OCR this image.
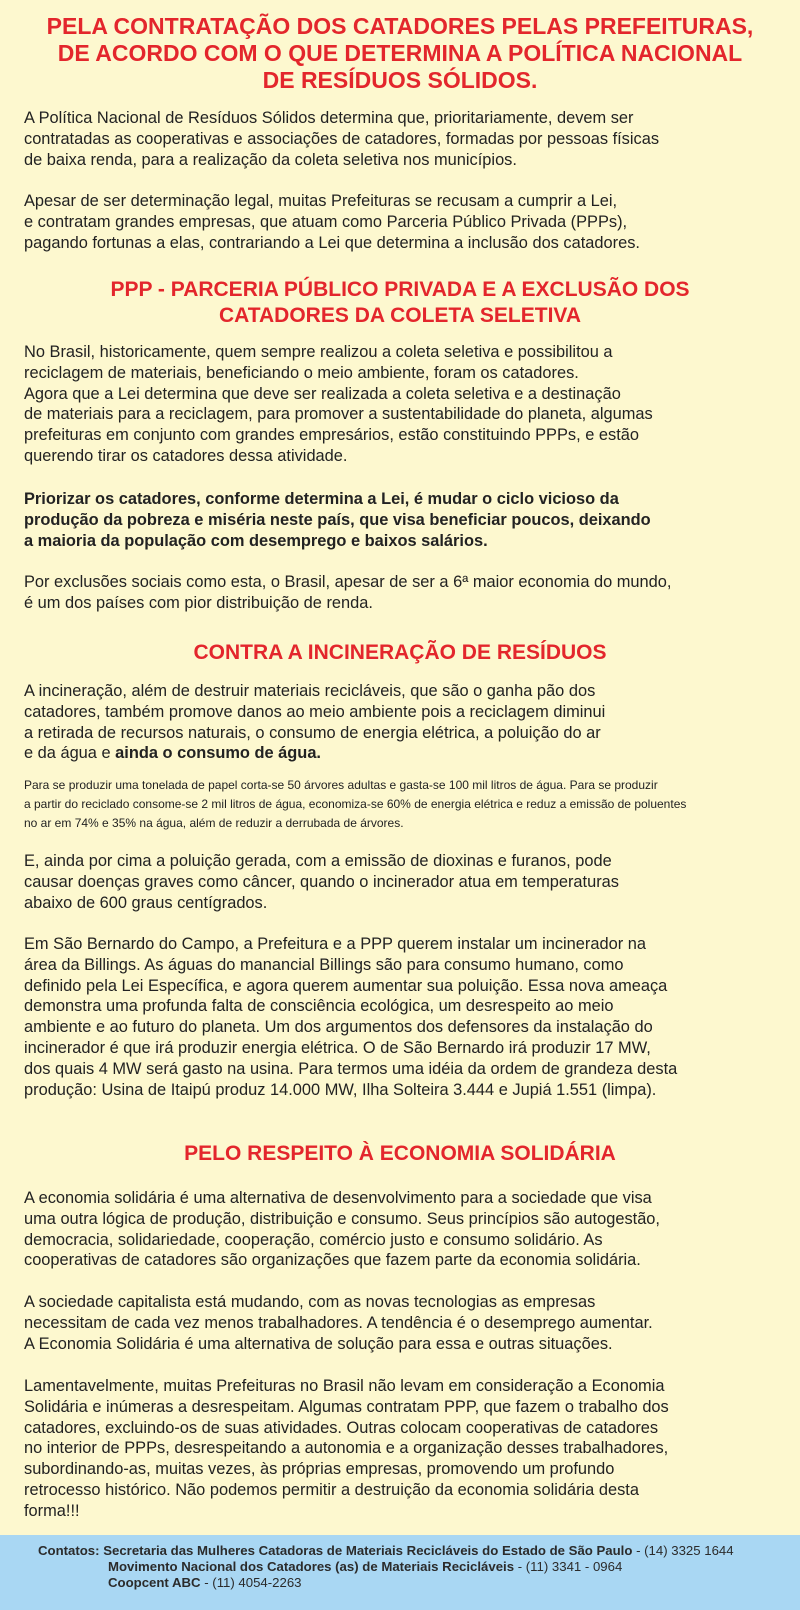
PELA CONTRATAÇÃO DOS CATADORES PELAS PREFEITURAS,
DE ACORDO COM O QUE DETERMINA A POLÍTICA NACIONAL
DE RESÍDUOS SÓLIDOS.

A Política Nacional de Resíduos Sólidos determina que, prioritariamente, devem ser
contratadas as cooperativas e associações de catadores, formadas por pessoas físicas
de baixa renda, para a realização da coleta seletiva nos municípios.

Apesar de ser determinação legal, muitas Prefeituras se recusam a cumprir a Lei,
e contratam grandes empresas, que atuam como Parceria Público Privada (PPPs),
pagando fortunas a elas, contrariando a Lei que determina a inclusão dos catadores.

PPP - PARCERIA PÚBLICO PRIVADA E A EXCLUSÃO DOS
CATADORES DA COLETA SELETIVA

No Brasil, historicamente, quem sempre realizou a coleta seletiva e possibilitou a
reciclagem de materiais, beneficiando o meio ambiente, foram os catadores.
Agora que a Lei determina que deve ser realizada a coleta seletiva e a destinação
de materiais para a reciclagem, para promover a sustentabilidade do planeta, algumas
prefeituras em conjunto com grandes empresários, estão constituindo PPPs, e estão
querendo tirar os catadores dessa atividade.

Priorizar os catadores, conforme determina a Lei, é mudar o ciclo vicioso da
produção da pobreza e miséria neste país, que visa beneficiar poucos, deixando
a maioria da população com desemprego e baixos salários.

Por exclusões sociais como esta, o Brasil, apesar de ser a 6ª maior economia do mundo,
é um dos países com pior distribuição de renda.

CONTRA A INCINERAÇÃO DE RESÍDUOS

A incineração, além de destruir materiais recicláveis, que são o ganha pão dos
catadores, também promove danos ao meio ambiente pois a reciclagem diminui
a retirada de recursos naturais, o consumo de energia elétrica, a poluição do ar
e da água e ainda o consumo de água.

Para se produzir uma tonelada de papel corta-se 50 árvores adultas e gasta-se 100 mil litros de água. Para se produzir
a partir do reciclado consome-se 2 mil litros de água, economiza-se 60% de energia elétrica e reduz a emissão de poluentes
no ar em 74% e 35% na água, além de reduzir a derrubada de árvores.

E, ainda por cima a poluição gerada, com a emissão de dioxinas e furanos, pode
causar doenças graves como câncer, quando o incinerador atua em temperaturas
abaixo de 600 graus centígrados.

Em São Bernardo do Campo, a Prefeitura e a PPP querem instalar um incinerador na
área da Billings. As águas do manancial Billings são para consumo humano, como
definido pela Lei Específica, e agora querem aumentar sua poluição. Essa nova ameaça
demonstra uma profunda falta de consciência ecológica, um desrespeito ao meio
ambiente e ao futuro do planeta. Um dos argumentos dos defensores da instalação do
incinerador é que irá produzir energia elétrica. O de São Bernardo irá produzir 17 MW,
dos quais 4 MW será gasto na usina. Para termos uma idéia da ordem de grandeza desta
produção: Usina de Itaipú produz 14.000 MW, Ilha Solteira 3.444 e Jupiá 1.551 (limpa).

PELO RESPEITO À ECONOMIA SOLIDÁRIA

A economia solidária é uma alternativa de desenvolvimento para a sociedade que visa
uma outra lógica de produção, distribuição e consumo. Seus princípios são autogestão,
democracia, solidariedade, cooperação, comércio justo e consumo solidário. As
cooperativas de catadores são organizações que fazem parte da economia solidária.

A sociedade capitalista está mudando, com as novas tecnologias as empresas
necessitam de cada vez menos trabalhadores. A tendência é o desemprego aumentar.
A Economia Solidária é uma alternativa de solução para essa e outras situações.

Lamentavelmente, muitas Prefeituras no Brasil não levam em consideração a Economia
Solidária e inúmeras a desrespeitam. Algumas contratam PPP, que fazem o trabalho dos
catadores, excluindo-os de suas atividades. Outras colocam cooperativas de catadores
no interior de PPPs, desrespeitando a autonomia e a organização desses trabalhadores,
subordinando-as, muitas vezes, às próprias empresas, promovendo um profundo
retrocesso histórico. Não podemos permitir a destruição da economia solidária desta
forma!!!

Contatos: Secretaria das Mulheres Catadoras de Materiais Recicláveis do Estado de São Paulo - (14) 3325 1644
Movimento Nacional dos Catadores (as) de Materiais Recicláveis - (11) 3341 - 0964
Coopcent ABC - (11) 4054-2263
